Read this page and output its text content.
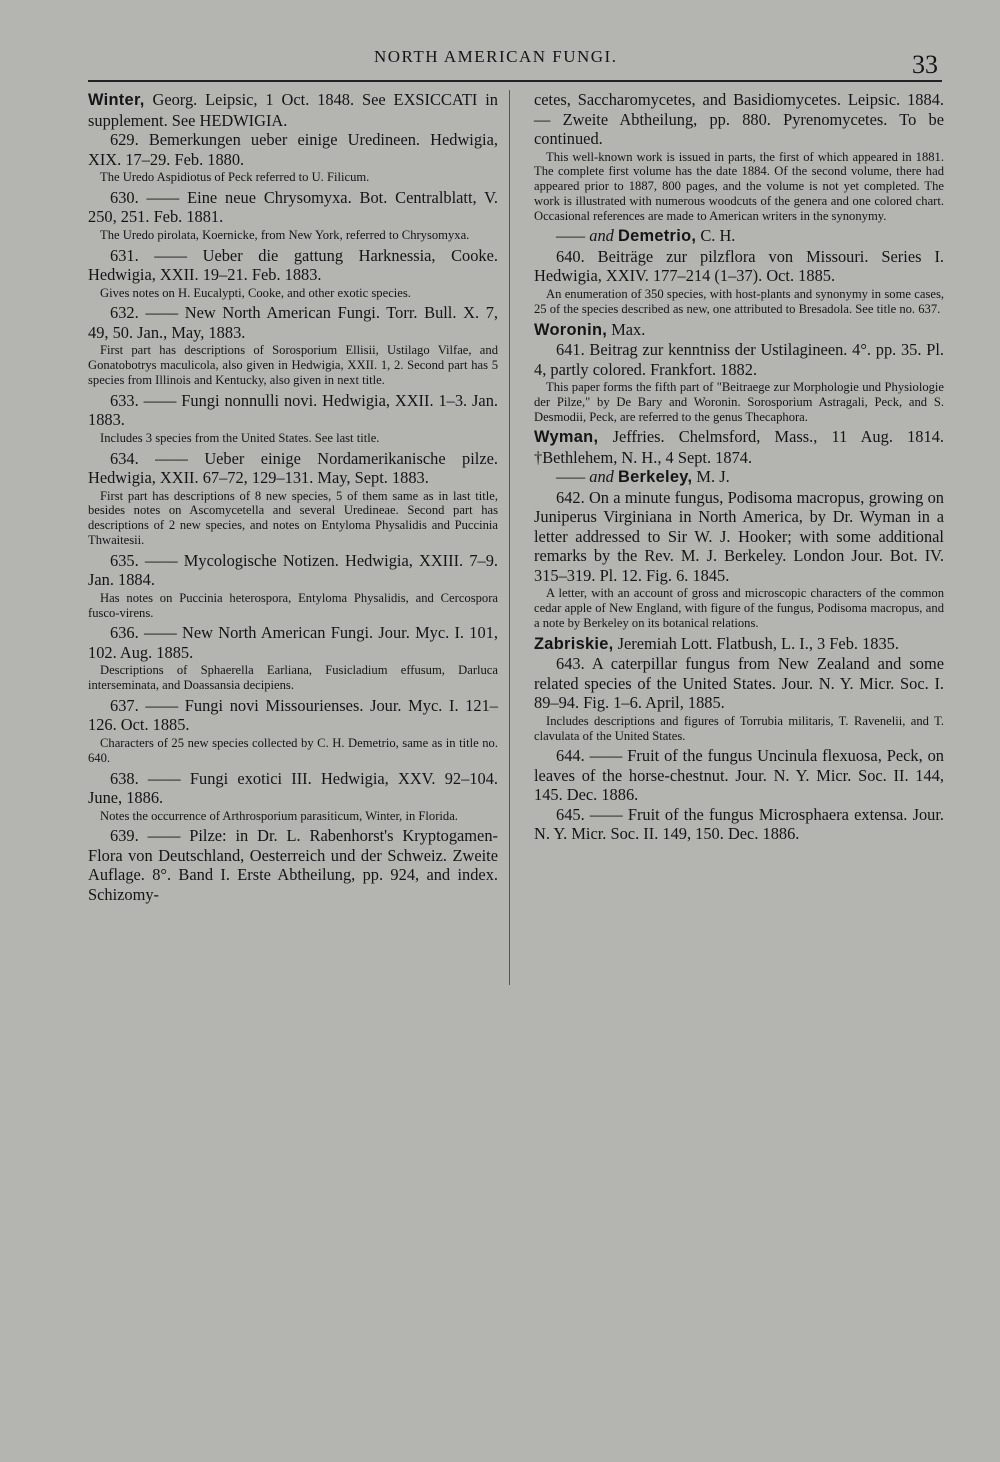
NORTH AMERICAN FUNGI.	33

Winter, Georg. Leipsic, 1 Oct. 1848. See EXSICCATI in supplement. See HEDWIGIA.

629. Bemerkungen ueber einige Uredineen. Hedwigia, XIX. 17–29. Feb. 1880.

The Uredo Aspidiotus of Peck referred to U. Filicum.

630. —— Eine neue Chrysomyxa. Bot. Centralblatt, V. 250, 251. Feb. 1881.

The Uredo pirolata, Koernicke, from New York, referred to Chrysomyxa.

631. —— Ueber die gattung Harknessia, Cooke. Hedwigia, XXII. 19–21. Feb. 1883.

Gives notes on H. Eucalypti, Cooke, and other exotic species.

632. —— New North American Fungi. Torr. Bull. X. 7, 49, 50. Jan., May, 1883.

First part has descriptions of Sorosporium Ellisii, Ustilago Vilfae, and Gonatobotrys maculicola, also given in Hedwigia, XXII. 1, 2. Second part has 5 species from Illinois and Kentucky, also given in next title.

633. —— Fungi nonnulli novi. Hedwigia, XXII. 1–3. Jan. 1883.

Includes 3 species from the United States. See last title.

634. —— Ueber einige Nordamerikanische pilze. Hedwigia, XXII. 67–72, 129–131. May, Sept. 1883.

First part has descriptions of 8 new species, 5 of them same as in last title, besides notes on Ascomycetella and several Uredineae. Second part has descriptions of 2 new species, and notes on Entyloma Physalidis and Puccinia Thwaitesii.

635. —— Mycologische Notizen. Hedwigia, XXIII. 7–9. Jan. 1884.

Has notes on Puccinia heterospora, Entyloma Physalidis, and Cercospora fusco-virens.

636. —— New North American Fungi. Jour. Myc. I. 101, 102. Aug. 1885.

Descriptions of Sphaerella Earliana, Fusicladium effusum, Darluca interseminata, and Doassansia decipiens.

637. —— Fungi novi Missourienses. Jour. Myc. I. 121–126. Oct. 1885.

Characters of 25 new species collected by C. H. Demetrio, same as in title no. 640.

638. —— Fungi exotici III. Hedwigia, XXV. 92–104. June, 1886.

Notes the occurrence of Arthrosporium parasiticum, Winter, in Florida.

639. —— Pilze: in Dr. L. Rabenhorst's Kryptogamen-Flora von Deutschland, Oesterreich und der Schweiz. Zweite Auflage. 8°. Band I. Erste Abtheilung, pp. 924, and index. Schizomy-

cetes, Saccharomycetes, and Basidiomycetes. Leipsic. 1884. — Zweite Abtheilung, pp. 880. Pyrenomycetes. To be continued.

This well-known work is issued in parts, the first of which appeared in 1881. The complete first volume has the date 1884. Of the second volume, there had appeared prior to 1887, 800 pages, and the volume is not yet completed. The work is illustrated with numerous woodcuts of the genera and one colored chart. Occasional references are made to American writers in the synonymy.

—— and Demetrio, C. H.

640. Beiträge zur pilzflora von Missouri. Series I. Hedwigia, XXIV. 177–214 (1–37). Oct. 1885.

An enumeration of 350 species, with host-plants and synonymy in some cases, 25 of the species described as new, one attributed to Bresadola. See title no. 637.

Woronin, Max.

641. Beitrag zur kenntniss der Ustilagineen. 4°. pp. 35. Pl. 4, partly colored. Frankfort. 1882.

This paper forms the fifth part of "Beitraege zur Morphologie und Physiologie der Pilze," by De Bary and Woronin. Sorosporium Astragali, Peck, and S. Desmodii, Peck, are referred to the genus Thecaphora.

Wyman, Jeffries. Chelmsford, Mass., 11 Aug. 1814. †Bethlehem, N. H., 4 Sept. 1874.

—— and Berkeley, M. J.

642. On a minute fungus, Podisoma macropus, growing on Juniperus Virginiana in North America, by Dr. Wyman in a letter addressed to Sir W. J. Hooker; with some additional remarks by the Rev. M. J. Berkeley. London Jour. Bot. IV. 315–319. Pl. 12. Fig. 6. 1845.

A letter, with an account of gross and microscopic characters of the common cedar apple of New England, with figure of the fungus, Podisoma macropus, and a note by Berkeley on its botanical relations.

Zabriskie, Jeremiah Lott. Flatbush, L. I., 3 Feb. 1835.

643. A caterpillar fungus from New Zealand and some related species of the United States. Jour. N. Y. Micr. Soc. I. 89–94. Fig. 1–6. April, 1885.

Includes descriptions and figures of Torrubia militaris, T. Ravenelii, and T. clavulata of the United States.

644. —— Fruit of the fungus Uncinula flexuosa, Peck, on leaves of the horse-chestnut. Jour. N. Y. Micr. Soc. II. 144, 145. Dec. 1886.

645. —— Fruit of the fungus Microsphaera extensa. Jour. N. Y. Micr. Soc. II. 149, 150. Dec. 1886.
